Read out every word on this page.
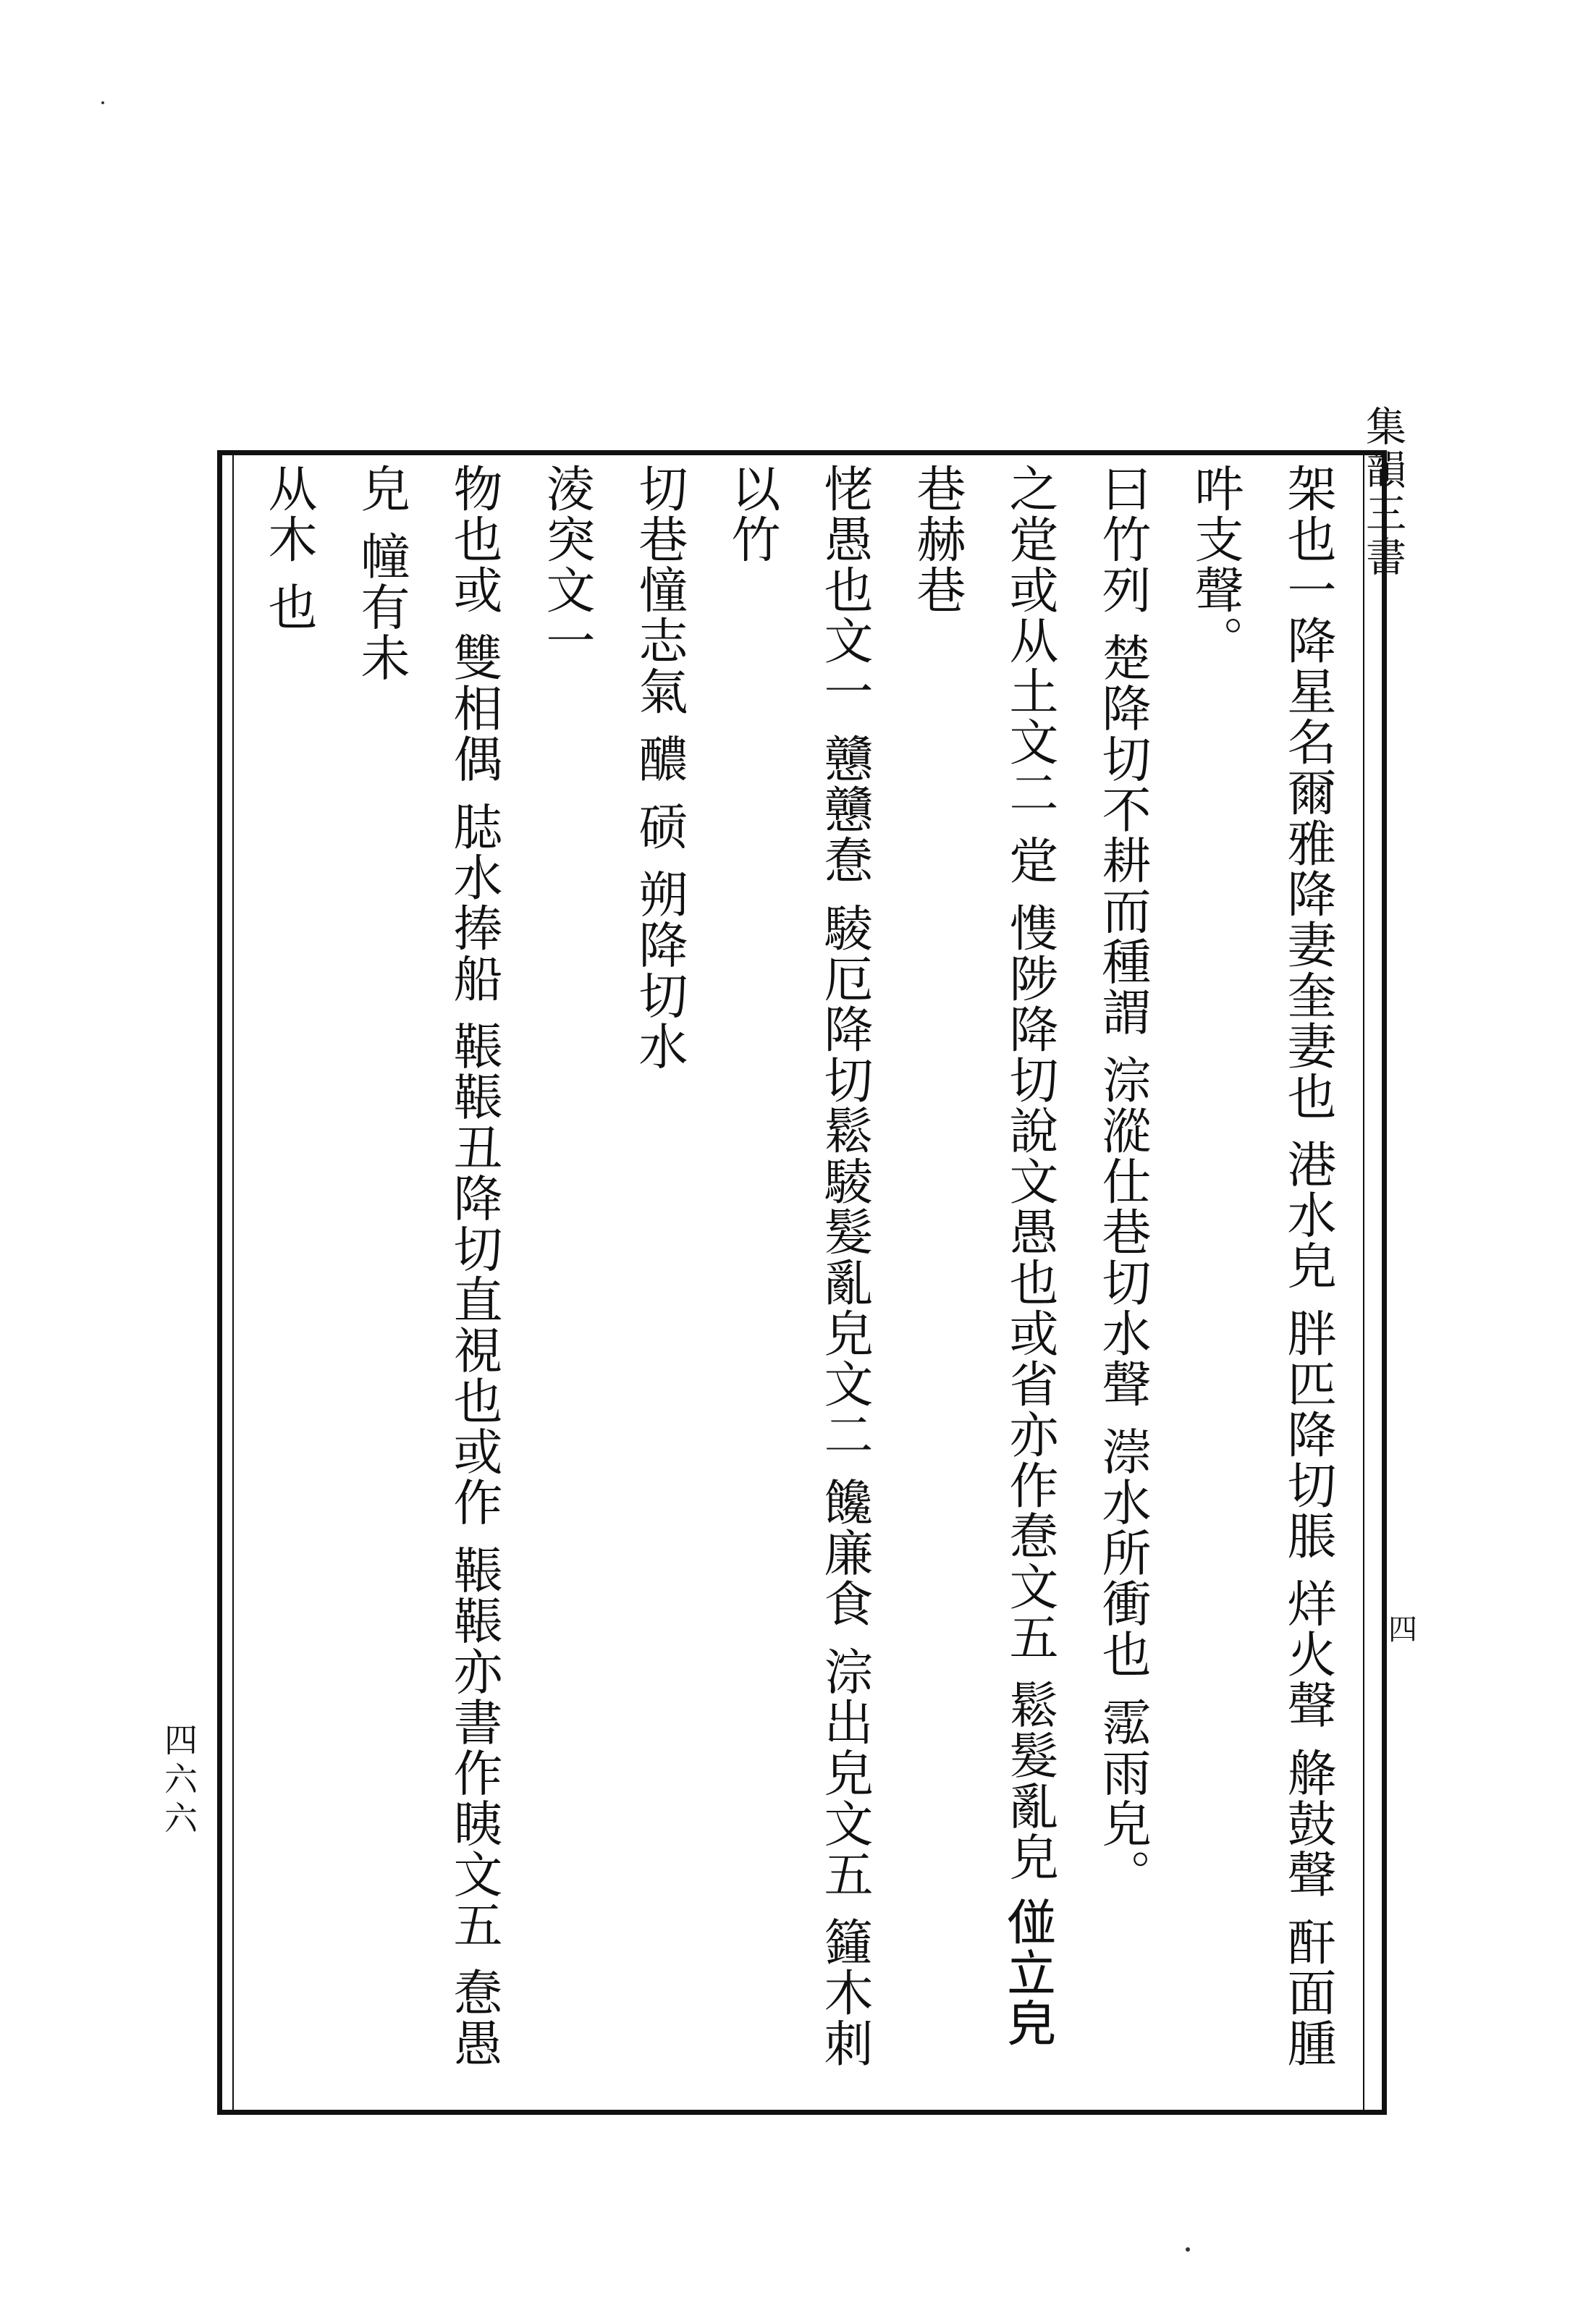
集韻三書
架也一降星名爾雅降妻奎妻也 港水皃 胖匹降切脹 烊火聲 舽鼓聲 酐面腫 吽支聲。
曰竹列 楚降切不耕而種謂 淙漎仕巷切水聲 漴水所衝也 霐雨皃。
之䟫或从土文二 䟫 愯陟降切說文愚也或省亦作惷文五 鬆髮亂皃 𠊧立皃 巷赫巷
恅愚也文一 戇戇惷 䮚厄降切鬆䮚髮亂皃文二 饞廉食 淙出皃文五 籦木刺以竹
切巷憧志氣 醲 䂵 朔降切水
淩突文一
物也或 雙相偶 䏯水捧船 䩨䩨丑降切直視也或作 䩨䩨亦書作眱文五 惷愚皃 幢有未
从木 也
四
四六六
